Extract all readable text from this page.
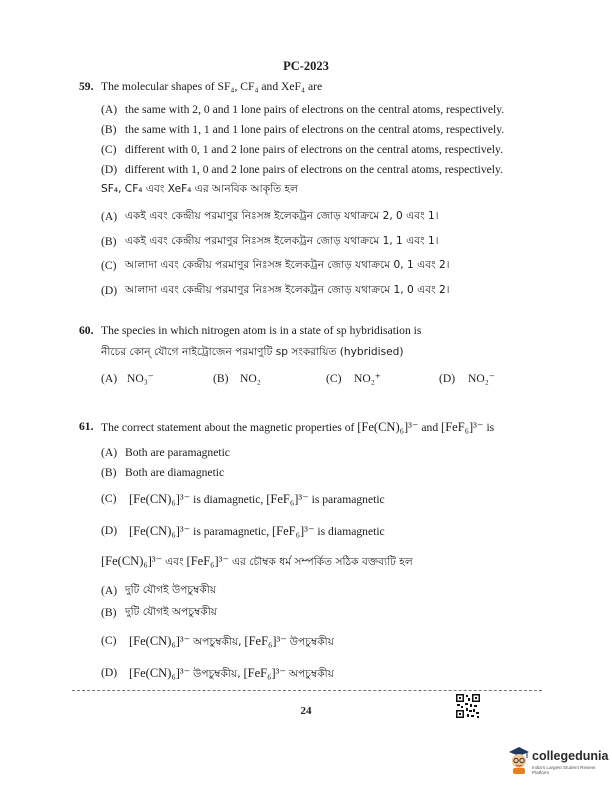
PC-2023
59. The molecular shapes of SF₄, CF₄ and XeF₄ are
(A) the same with 2, 0 and 1 lone pairs of electrons on the central atoms, respectively.
(B) the same with 1, 1 and 1 lone pairs of electrons on the central atoms, respectively.
(C) different with 0, 1 and 2 lone pairs of electrons on the central atoms, respectively.
(D) different with 1, 0 and 2 lone pairs of electrons on the central atoms, respectively.
SF₄, CF₄ এবং XeF₄ এর আনবিক আকৃতি হল
(A) একই এবং কেন্দ্রীয় পরমাণুর নিঃসঙ্গ ইলেকট্রন জোড় যথাক্রমে 2, 0 এবং 1।
(B) একই এবং কেন্দ্রীয় পরমাণুর নিঃসঙ্গ ইলেকট্রন জোড় যথাক্রমে 1, 1 এবং 1।
(C) আলাদা এবং কেন্দ্রীয় পরমাণুর নিঃসঙ্গ ইলেকট্রন জোড় যথাক্রমে 0, 1 এবং 2।
(D) আলাদা এবং কেন্দ্রীয় পরমাণুর নিঃসঙ্গ ইলেকট্রন জোড় যথাক্রমে 1, 0 এবং 2।
60. The species in which nitrogen atom is in a state of sp hybridisation is
নীচের কোন্ যৌগে নাইট্রোজেন পরমাণুটি sp সংকরায়িত (hybridised)
(A) NO₃⁻	(B) NO₂	(C) NO₂⁺	(D) NO₂⁻
61. The correct statement about the magnetic properties of [Fe(CN)₆]³⁻ and [FeF₆]³⁻ is
(A) Both are paramagnetic
(B) Both are diamagnetic
(C) [Fe(CN)₆]³⁻ is diamagnetic, [FeF₆]³⁻ is paramagnetic
(D) [Fe(CN)₆]³⁻ is paramagnetic, [FeF₆]³⁻ is diamagnetic
[Fe(CN)₆]³⁻ এবং [FeF₆]³⁻ এর চৌম্বক ধর্ম সম্পর্কিত সঠিক বক্তব্যটি হল
(A) দুটি যৌগই উপচুম্বকীয়
(B) দুটি যৌগই অপচুম্বকীয়
(C) [Fe(CN)₆]³⁻ অপচুম্বকীয়, [FeF₆]³⁻ উপচুম্বকীয়
(D) [Fe(CN)₆]³⁻ উপচুম্বকীয়, [FeF₆]³⁻ অপচুম্বকীয়
24
collegedunia
India's Largest Student Review Platform
